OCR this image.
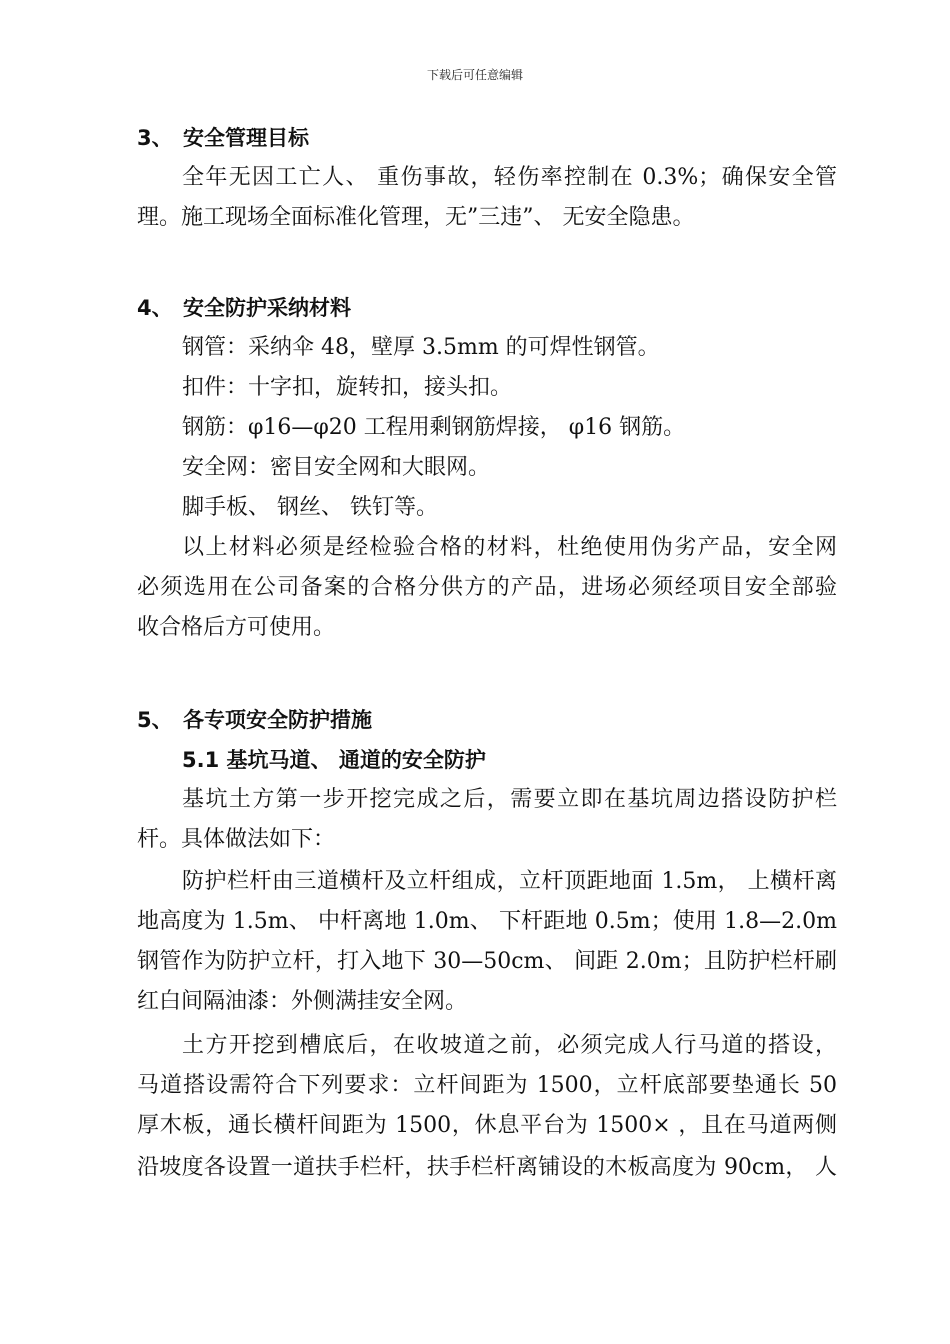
下载后可任意编辑
3、 安全管理目标
全年无因工亡人、 重伤事故，轻伤率控制在 0.3%；确保安全管
理。施工现场全面标准化管理，无”三违”、 无安全隐患。
4、 安全防护采纳材料
钢管：采纳伞 48，壁厚 3.5mm 的可焊性钢管。
扣件：十字扣，旋转扣，接头扣。
钢筋：φ16—φ20 工程用剩钢筋焊接， φ16 钢筋。
安全网：密目安全网和大眼网。
脚手板、 钢丝、 铁钉等。
以上材料必须是经检验合格的材料，杜绝使用伪劣产品，安全网
必须选用在公司备案的合格分供方的产品，进场必须经项目安全部验
收合格后方可使用。
5、 各专项安全防护措施
5.1 基坑马道、 通道的安全防护
基坑土方第一步开挖完成之后，需要立即在基坑周边搭设防护栏
杆。具体做法如下：
防护栏杆由三道横杆及立杆组成，立杆顶距地面 1.5m， 上横杆离
地高度为 1.5m、 中杆离地 1.0m、 下杆距地 0.5m；使用 1.8—2.0m
钢管作为防护立杆，打入地下 30—50cm、 间距 2.0m；且防护栏杆刷
红白间隔油漆：外侧满挂安全网。
土方开挖到槽底后，在收坡道之前，必须完成人行马道的搭设，
马道搭设需符合下列要求：立杆间距为 1500，立杆底部要垫通长 50
厚木板，通长横杆间距为 1500，休息平台为 1500× ，且在马道两侧
沿坡度各设置一道扶手栏杆，扶手栏杆离铺设的木板高度为 90cm， 人
